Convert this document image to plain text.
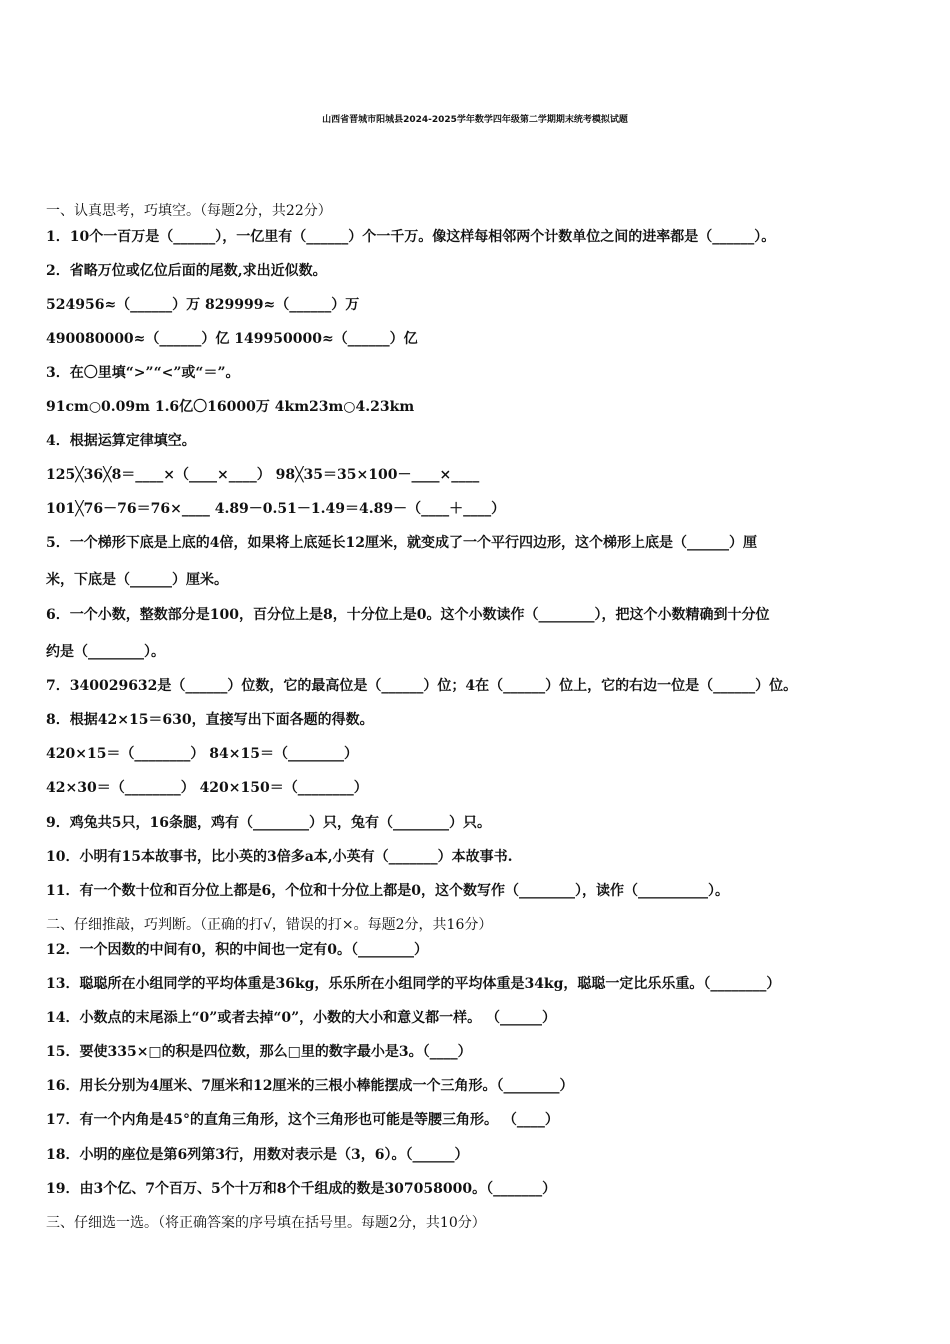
山西省晋城市阳城县2024-2025学年数学四年级第二学期期末统考模拟试题
一、认真思考，巧填空。（每题2分，共22分）
1．10个一百万是（______），一亿里有（______）个一千万。像这样每相邻两个计数单位之间的进率都是（______）。
2．省略万位或亿位后面的尾数,求出近似数。
524956≈（______）万 829999≈（______）万
490080000≈（______）亿 149950000≈（______）亿
3．在〇里填“>”“<”或“＝”。
91cm○0.09m 1.6亿〇16000万 4km23m○4.23km
4．根据运算定律填空。
125╳36╳8＝____×（____×____） 98╳35＝35×100－____×____
101╳76－76＝76×____ 4.89－0.51－1.49＝4.89－（____＋____）
5．一个梯形下底是上底的4倍，如果将上底延长12厘米，就变成了一个平行四边形，这个梯形上底是（______）厘
米，下底是（______）厘米。
6．一个小数，整数部分是100，百分位上是8，十分位上是0。这个小数读作（________），把这个小数精确到十分位
约是（________）。
7．340029632是（______）位数，它的最高位是（______）位；4在（______）位上，它的右边一位是（______）位。
8．根据42×15＝630，直接写出下面各题的得数。
420×15＝（________） 84×15＝（________）
42×30＝（________） 420×150＝（________）
9．鸡兔共5只，16条腿，鸡有（________）只，兔有（________）只。
10．小明有15本故事书，比小英的3倍多a本,小英有（_______）本故事书.
11．有一个数十位和百分位上都是6，个位和十分位上都是0，这个数写作（________），读作（__________）。
二、仔细推敲，巧判断。（正确的打√，错误的打×。每题2分，共16分）
12．一个因数的中间有0，积的中间也一定有0。（________）
13．聪聪所在小组同学的平均体重是36kg，乐乐所在小组同学的平均体重是34kg，聪聪一定比乐乐重。（________）
14．小数点的末尾添上“0”或者去掉“0”，小数的大小和意义都一样。 （______）
15．要使335×□的积是四位数，那么□里的数字最小是3。（____）
16．用长分别为4厘米、7厘米和12厘米的三根小棒能摆成一个三角形。（________）
17．有一个内角是45°的直角三角形，这个三角形也可能是等腰三角形。 （____）
18．小明的座位是第6列第3行，用数对表示是（3，6）。（______）
19．由3个亿、7个百万、5个十万和8个千组成的数是307058000。（_______）
三、仔细选一选。（将正确答案的序号填在括号里。每题2分，共10分）
